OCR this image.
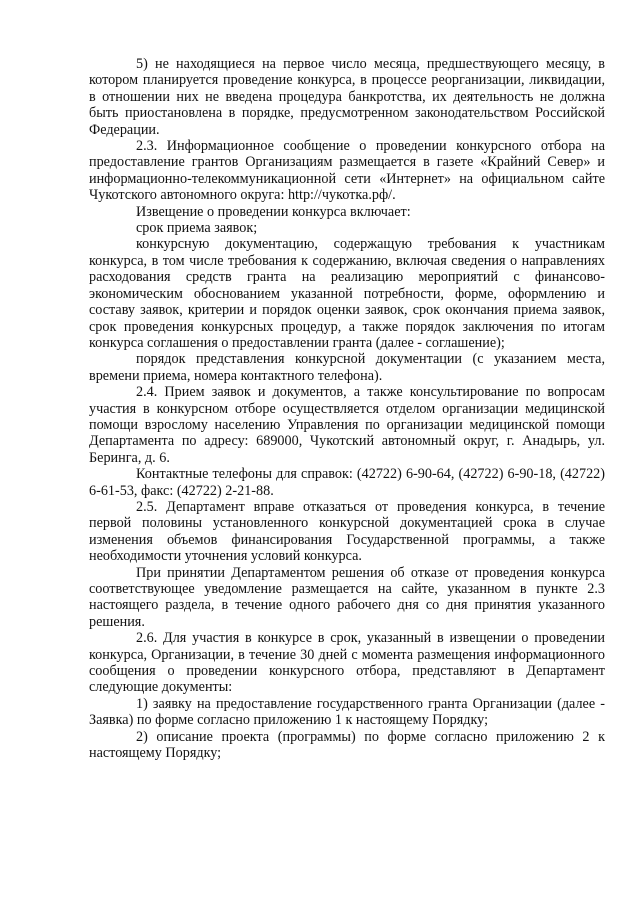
5) не находящиеся на первое число месяца, предшествующего месяцу, в котором планируется проведение конкурса, в процессе реорганизации, ликвидации, в отношении них не введена процедура банкротства, их деятельность не должна быть приостановлена в порядке, предусмотренном законодательством Российской Федерации.

2.3. Информационное сообщение о проведении конкурсного отбора на предоставление грантов Организациям размещается в газете «Крайний Север» и информационно-телекоммуникационной сети «Интернет» на официальном сайте Чукотского автономного округа: http://чукотка.рф/.

Извещение о проведении конкурса включает:

срок приема заявок;

конкурсную документацию, содержащую требования к участникам конкурса, в том числе требования к содержанию, включая сведения о направлениях расходования средств гранта на реализацию мероприятий с финансово-экономическим обоснованием указанной потребности, форме, оформлению и составу заявок, критерии и порядок оценки заявок, срок окончания приема заявок, срок проведения конкурсных процедур, а также порядок заключения по итогам конкурса соглашения о предоставлении гранта (далее - соглашение);

порядок представления конкурсной документации (с указанием места, времени приема, номера контактного телефона).

2.4. Прием заявок и документов, а также консультирование по вопросам участия в конкурсном отборе осуществляется отделом организации медицинской помощи взрослому населению Управления по организации медицинской помощи Департамента по адресу: 689000, Чукотский автономный округ, г. Анадырь, ул. Беринга, д. 6.

Контактные телефоны для справок: (42722) 6-90-64, (42722) 6-90-18, (42722) 6-61-53, факс: (42722) 2-21-88.

2.5. Департамент вправе отказаться от проведения конкурса, в течение первой половины установленного конкурсной документацией срока в случае изменения объемов финансирования Государственной программы, а также необходимости уточнения условий конкурса.

При принятии Департаментом решения об отказе от проведения конкурса соответствующее уведомление размещается на сайте, указанном в пункте 2.3 настоящего раздела, в течение одного рабочего дня со дня принятия указанного решения.

2.6. Для участия в конкурсе в срок, указанный в извещении о проведении конкурса, Организации, в течение 30 дней с момента размещения информационного сообщения о проведении конкурсного отбора, представляют в Департамент следующие документы:

1) заявку на предоставление государственного гранта Организации (далее - Заявка) по форме согласно приложению 1 к настоящему Порядку;

2) описание проекта (программы) по форме согласно приложению 2 к настоящему Порядку;
